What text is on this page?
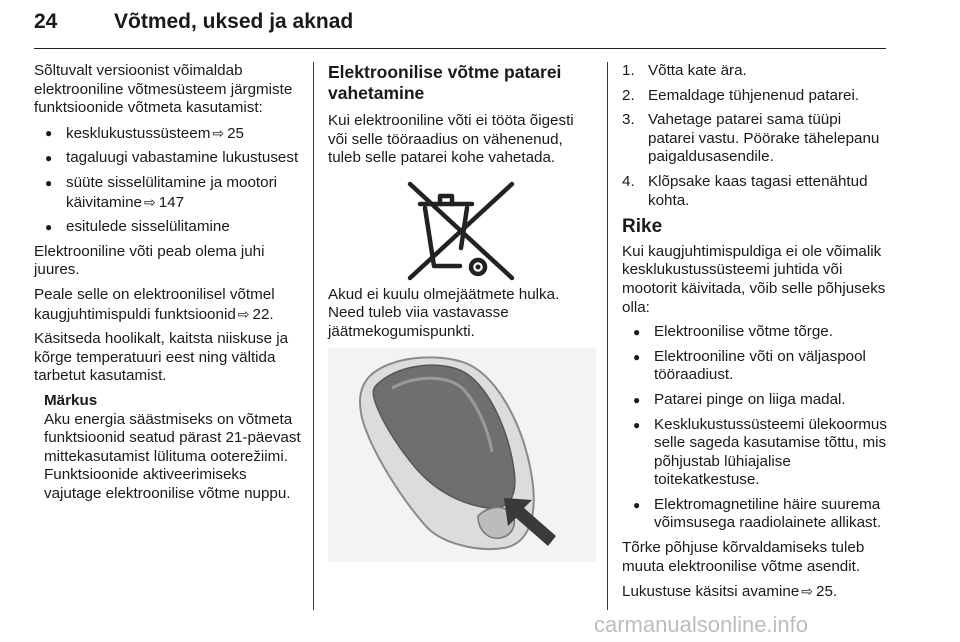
24	Võtmed, uksed ja aknad

Sõltuvalt versioonist võimaldab elektrooniline võtmesüsteem järgmiste funktsioonide võtmeta kasutamist:

● kesklukustussüsteem ⇨ 25
● tagaluugi vabastamine lukustusest
● süüte sisselülitamine ja mootori käivitamine ⇨ 147
● esitulede sisselülitamine

Elektrooniline võti peab olema juhi juures.

Peale selle on elektroonilisel võtmel kaugjuhtimispuldi funktsioonid ⇨ 22.

Käsitseda hoolikalt, kaitsta niiskuse ja kõrge temperatuuri eest ning vältida tarbetut kasutamist.

Märkus
Aku energia säästmiseks on võtmeta funktsioonid seatud pärast 21-päevast mittekasutamist lülituma ooterežiimi. Funktsioonide aktiveerimiseks vajutage elektroonilise võtme nuppu.
Elektroonilise võtme patarei vahetamine

Kui elektrooniline võti ei tööta õigesti või selle tööraadius on vähenenud, tuleb selle patarei kohe vahetada.

Akud ei kuulu olmejäätmete hulka. Need tuleb viia vastavasse jäätmekogumispunkti.

1. Võtta kate ära.
2. Eemaldage tühjenenud patarei.
3. Vahetage patarei sama tüüpi patarei vastu. Pöörake tähelepanu paigaldusasendile.
4. Klõpsake kaas tagasi ettenähtud kohta.
Rike

Kui kaugjuhtimispuldiga ei ole võimalik kesklukustussüsteemi juhtida või mootorit käivitada, võib selle põhjuseks olla:

● Elektroonilise võtme tõrge.
● Elektrooniline võti on väljaspool tööraadiust.
● Patarei pinge on liiga madal.
● Kesklukustussüsteemi ülekoormus selle sageda kasutamise tõttu, mis põhjustab lühiajalise toitekatkestuse.
● Elektromagnetiline häire suurema võimsusega raadiolainete allikast.

Tõrke põhjuse kõrvaldamiseks tuleb muuta elektroonilise võtme asendit.

Lukustuse käsitsi avamine ⇨ 25.

carmanualsonline.info
